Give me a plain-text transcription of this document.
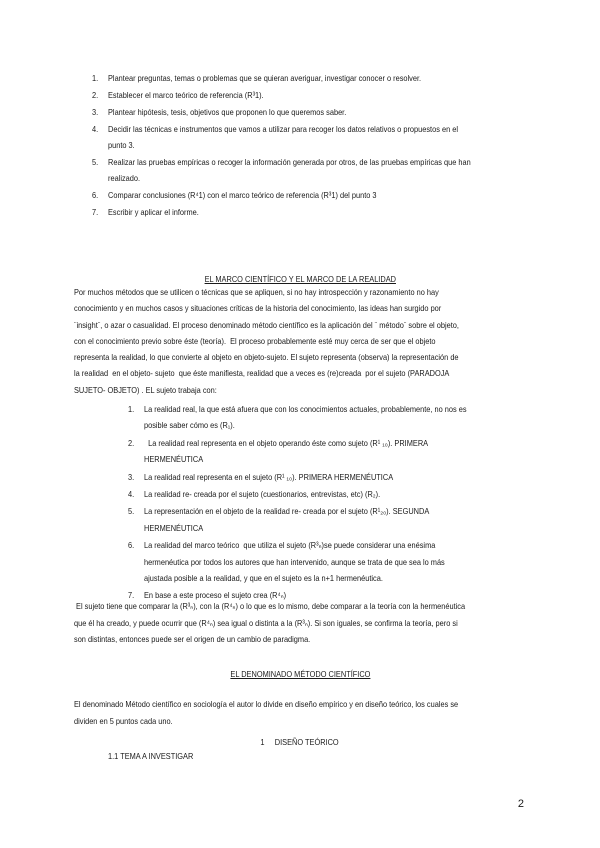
1. Plantear preguntas, temas o problemas que se quieran averiguar, investigar conocer o resolver.
2. Establecer el marco teórico de referencia (R³1).
3. Plantear hipótesis, tesis, objetivos que proponen lo que queremos saber.
4. Decidir las técnicas e instrumentos que vamos a utilizar para recoger los datos relativos o propuestos en el
punto 3.
5. Realizar las pruebas empíricas o recoger la información generada por otros, de las pruebas empíricas que han
realizado.
6. Comparar conclusiones (R⁴1) con el marco teórico de referencia (R³1) del punto 3
7. Escribir y aplicar el informe.
EL MARCO CIENTÍFICO Y EL MARCO DE LA REALIDAD
Por muchos métodos que se utilicen o técnicas que se apliquen, si no hay introspección y razonamiento no hay
conocimiento y en muchos casos y situaciones críticas de la historia del conocimiento, las ideas han surgido por
¨insight¨, o azar o casualidad. El proceso denominado método científico es la aplicación del ¨ método¨ sobre el objeto,
con el conocimiento previo sobre éste (teoría).  El proceso probablemente esté muy cerca de ser que el objeto
representa la realidad, lo que convierte al objeto en objeto-sujeto. El sujeto representa (observa) la representación de
la realidad  en el objeto- sujeto  que éste manifiesta, realidad que a veces es (re)creada  por el sujeto (PARADOJA
SUJETO- OBJETO) . EL sujeto trabaja con:
1. La realidad real, la que está afuera que con los conocimientos actuales, probablemente, no nos es
posible saber cómo es (R₁).
2. La realidad real representa en el objeto operando éste como sujeto (R¹ ₁₀). PRIMERA
HERMENÉUTICA
3. La realidad real representa en el sujeto (R¹ ₁₀). PRIMERA HERMENÉUTICA
4. La realidad re- creada por el sujeto (cuestionarios, entrevistas, etc) (R₂).
5. La representación en el objeto de la realidad re- creada por el sujeto (R¹₂₀). SEGUNDA
HERMENÉUTICA
6. La realidad del marco teórico  que utiliza el sujeto (R³ₙ)se puede considerar una enésima
hermenéutica por todos los autores que han intervenido, aunque se trata de que sea lo más
ajustada posible a la realidad, y que en el sujeto es la n+1 hermenéutica.
7. En base a este proceso el sujeto crea (R⁴ₙ)
El sujeto tiene que comparar la (R³ₙ), con la (R⁴ₙ) o lo que es lo mismo, debe comparar a la teoría con la hermenéutica
que él ha creado, y puede ocurrir que (R⁴ₙ) sea igual o distinta a la (R³ₙ). Si son iguales, se confirma la teoría, pero si
son distintas, entonces puede ser el origen de un cambio de paradigma.
EL DENOMINADO MÉTODO CIENTÍFICO
El denominado Método científico en sociología el autor lo divide en diseño empírico y en diseño teórico, los cuales se
dividen en 5 puntos cada uno.
1     DISEÑO TEÓRICO
1.1 TEMA A INVESTIGAR
2
